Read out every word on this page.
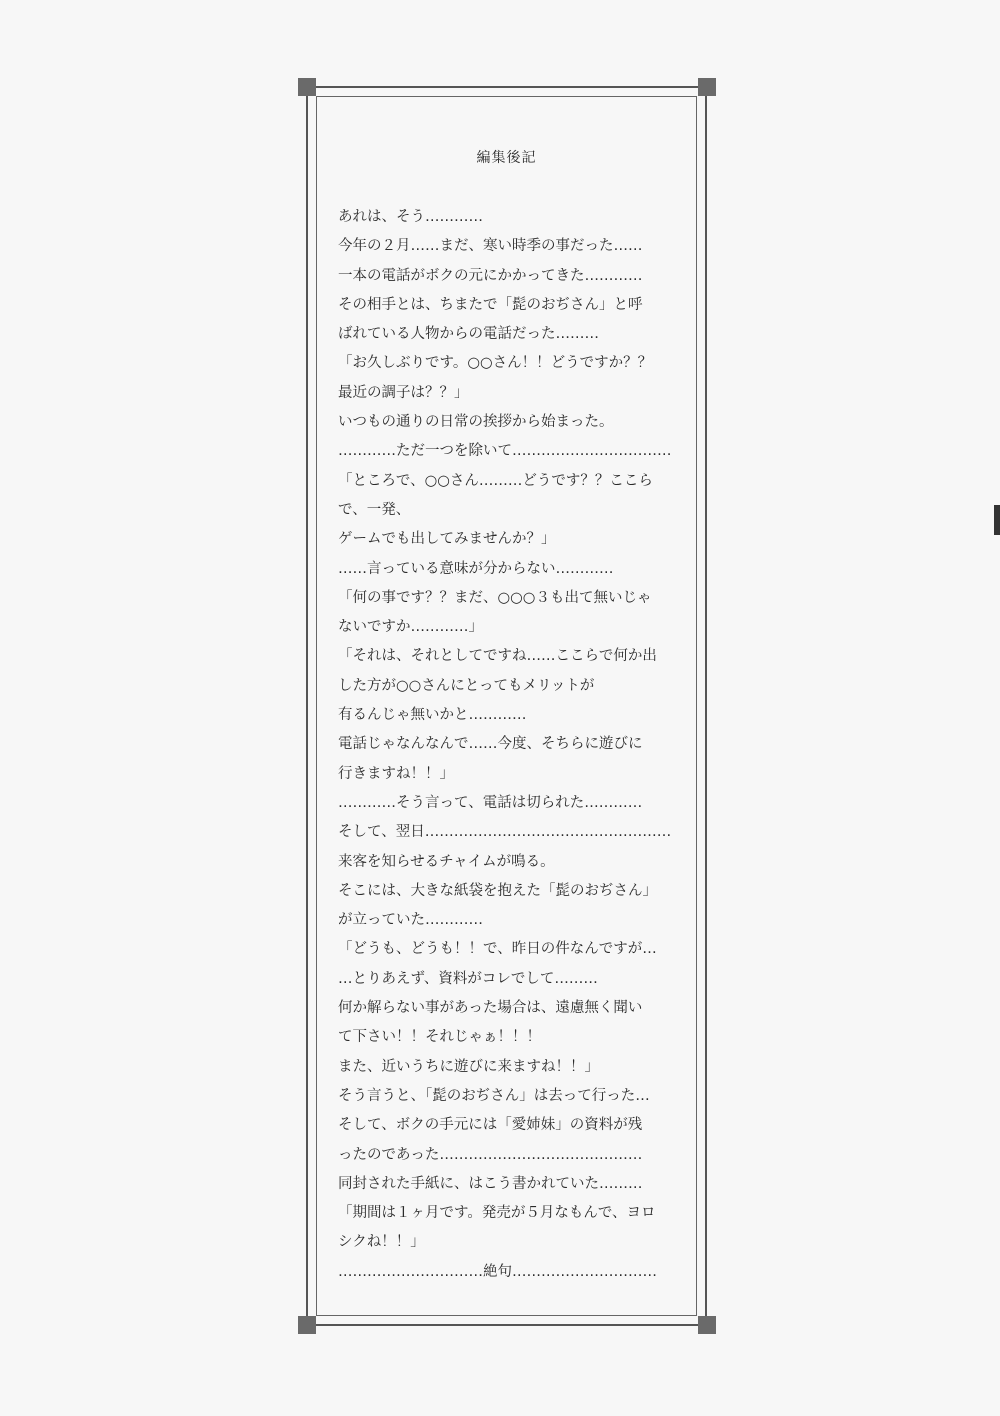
編集後記
あれは、そう…………
今年の２月……まだ、寒い時季の事だった……
一本の電話がボクの元にかかってきた…………
その相手とは、ちまたで「髭のおぢさん」と呼
ばれている人物からの電話だった………
「お久しぶりです。○○さん！！どうですか？？
最近の調子は？？」
いつもの通りの日常の挨拶から始まった。
…………ただ一つを除いて……………………………
「ところで、○○さん………どうです？？ここら
で、一発、
ゲームでも出してみませんか？」
……言っている意味が分からない…………
「何の事です？？まだ、○○○３も出て無いじゃ
ないですか…………」
「それは、それとしてですね……ここらで何か出
した方が○○さんにとってもメリットが
有るんじゃ無いかと…………
電話じゃなんなんで……今度、そちらに遊びに
行きますね！！」
…………そう言って、電話は切られた…………
そして、翌日……………………………………………
来客を知らせるチャイムが鳴る。
そこには、大きな紙袋を抱えた「髭のおぢさん」
が立っていた…………
「どうも、どうも！！で、昨日の件なんですが…
…とりあえず、資料がコレでして………
何か解らない事があった場合は、遠慮無く聞い
て下さい！！それじゃぁ！！！
また、近いうちに遊びに来ますね！！」
そう言うと、「髭のおぢさん」は去って行った…
そして、ボクの手元には「愛姉妹」の資料が残
ったのであった……………………………………
同封された手紙に、はこう書かれていた………
「期間は１ヶ月です。発売が５月なもんで、ヨロ
シクね！！」
…………………………絶句…………………………
